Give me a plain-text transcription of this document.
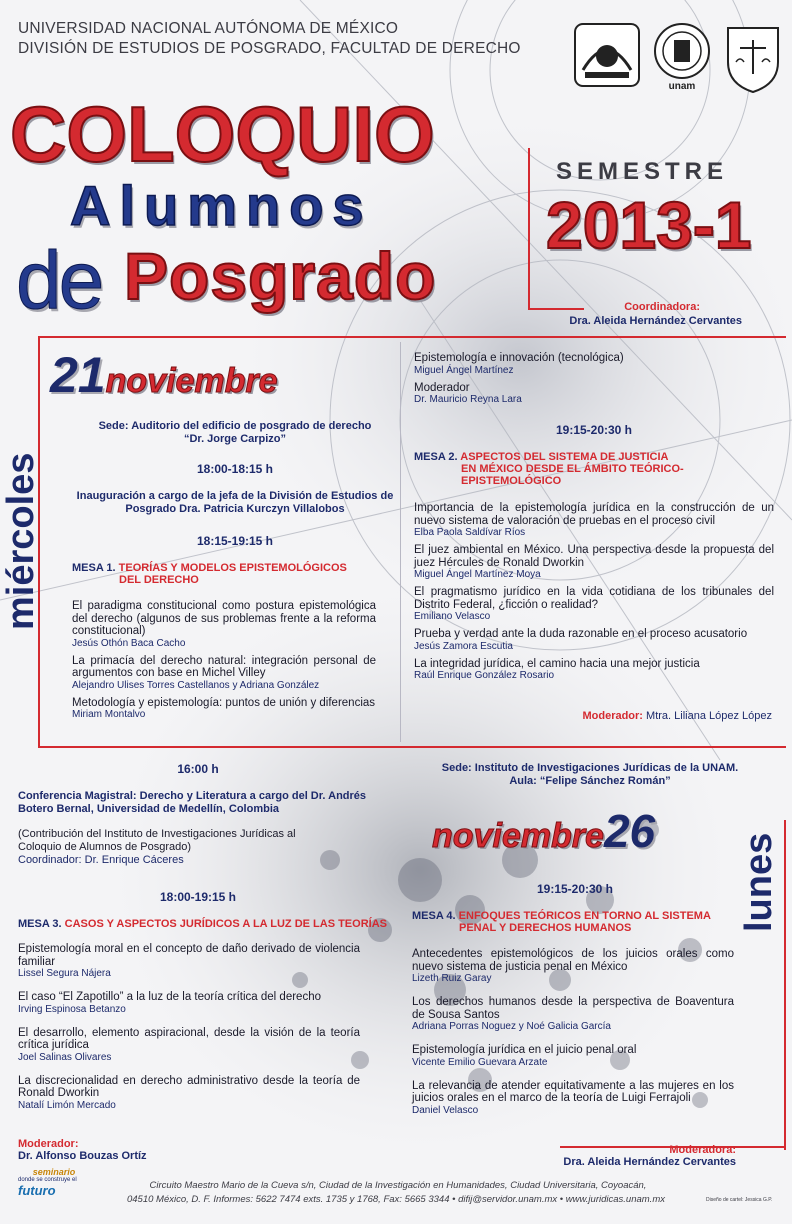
UNIVERSIDAD NACIONAL AUTÓNOMA DE MÉXICO
DIVISIÓN DE ESTUDIOS DE POSGRADO, FACULTAD DE DERECHO
unam
COLOQUIO
Alumnos
de Posgrado
SEMESTRE
2013-1
Coordinadora:
Dra. Aleida Hernández Cervantes
21noviembre
miércoles
Sede: Auditorio del edificio de posgrado de derecho
“Dr. Jorge Carpizo”
18:00-18:15 h
Inauguración a cargo de la jefa de la División de Estudios de Posgrado Dra. Patricia Kurczyn Villalobos
18:15-19:15 h
MESA 1. TEORÍAS Y MODELOS EPISTEMOLÓGICOS
DEL DERECHO
El paradigma constitucional como postura epistemológica del derecho (algunos de sus problemas frente a la reforma constitucional)
Jesús Othón Baca Cacho
La primacía del derecho natural: integración personal de argumentos con base en Michel Villey
Alejandro Ulises Torres Castellanos y Adriana González
Metodología y epistemología: puntos de unión y diferencias
Miriam Montalvo
Epistemología e innovación (tecnológica)
Miguel Ángel Martínez
Moderador
Dr. Mauricio Reyna Lara
19:15-20:30 h
MESA 2. ASPECTOS DEL SISTEMA DE JUSTICIA
EN MÉXICO DESDE EL ÁMBITO TEÓRICO-
EPISTEMOLÓGICO
Importancia de la epistemología jurídica en la construcción de un nuevo sistema de valoración de pruebas en el proceso civil
Elba Paola Saldívar Ríos
El juez ambiental en México. Una perspectiva desde la propuesta del juez Hércules de Ronald Dworkin
Miguel Ángel Martínez Moya
El pragmatismo jurídico en la vida cotidiana de los tribunales del Distrito Federal, ¿ficción o realidad?
Emiliano Velasco
Prueba y verdad ante la duda razonable en el proceso acusatorio
Jesús Zamora Escutia
La integridad jurídica, el camino hacia una mejor justicia
Raúl Enrique González Rosario
Moderador: Mtra. Liliana López López
16:00 h
Conferencia Magistral: Derecho y Literatura a cargo del Dr. Andrés Botero Bernal, Universidad de Medellín, Colombia
(Contribución del Instituto de Investigaciones Jurídicas al Coloquio de Alumnos de Posgrado)
Coordinador: Dr. Enrique Cáceres
Sede: Instituto de Investigaciones Jurídicas de la UNAM.
Aula: “Felipe Sánchez Román”
noviembre26
lunes
18:00-19:15 h
MESA 3. CASOS Y ASPECTOS JURÍDICOS A LA LUZ DE LAS TEORÍAS
Epistemología moral en el concepto de daño derivado de violencia familiar
Lissel Segura Nájera
El caso “El Zapotillo” a la luz de la teoría crítica del derecho
Irving Espinosa Betanzo
El desarrollo, elemento aspiracional, desde la visión de la teoría crítica jurídica
Joel Salinas Olivares
La discrecionalidad en derecho administrativo desde la teoría de Ronald Dworkin
Natalí Limón Mercado
Moderador:
Dr. Alfonso Bouzas Ortíz
19:15-20:30 h
MESA 4. ENFOQUES TEÓRICOS EN TORNO AL SISTEMA
PENAL Y DERECHOS HUMANOS
Antecedentes epistemológicos de los juicios orales como nuevo sistema de justicia penal en México
Lizeth Ruiz Garay
Los derechos humanos desde la perspectiva de Boaventura de Sousa Santos
Adriana Porras Noguez y Noé Galicia García
Epistemología jurídica en el juicio penal oral
Vicente Emilio Guevara Arzate
La relevancia de atender equitativamente a las mujeres en los juicios orales en el marco de la teoría de Luigi Ferrajoli
Daniel Velasco
Moderadora:
Dra. Aleida Hernández Cervantes
seminario
donde se construye el
futuro	Circuito Maestro Mario de la Cueva s/n, Ciudad de la Investigación en Humanidades, Ciudad Universitaria, Coyoacán,
04510 México, D. F. Informes: 5622 7474 exts. 1735 y 1768, Fax: 5665 3344 • difij@servidor.unam.mx • www.juridicas.unam.mx	Diseño de cartel: Jessica G.P.
